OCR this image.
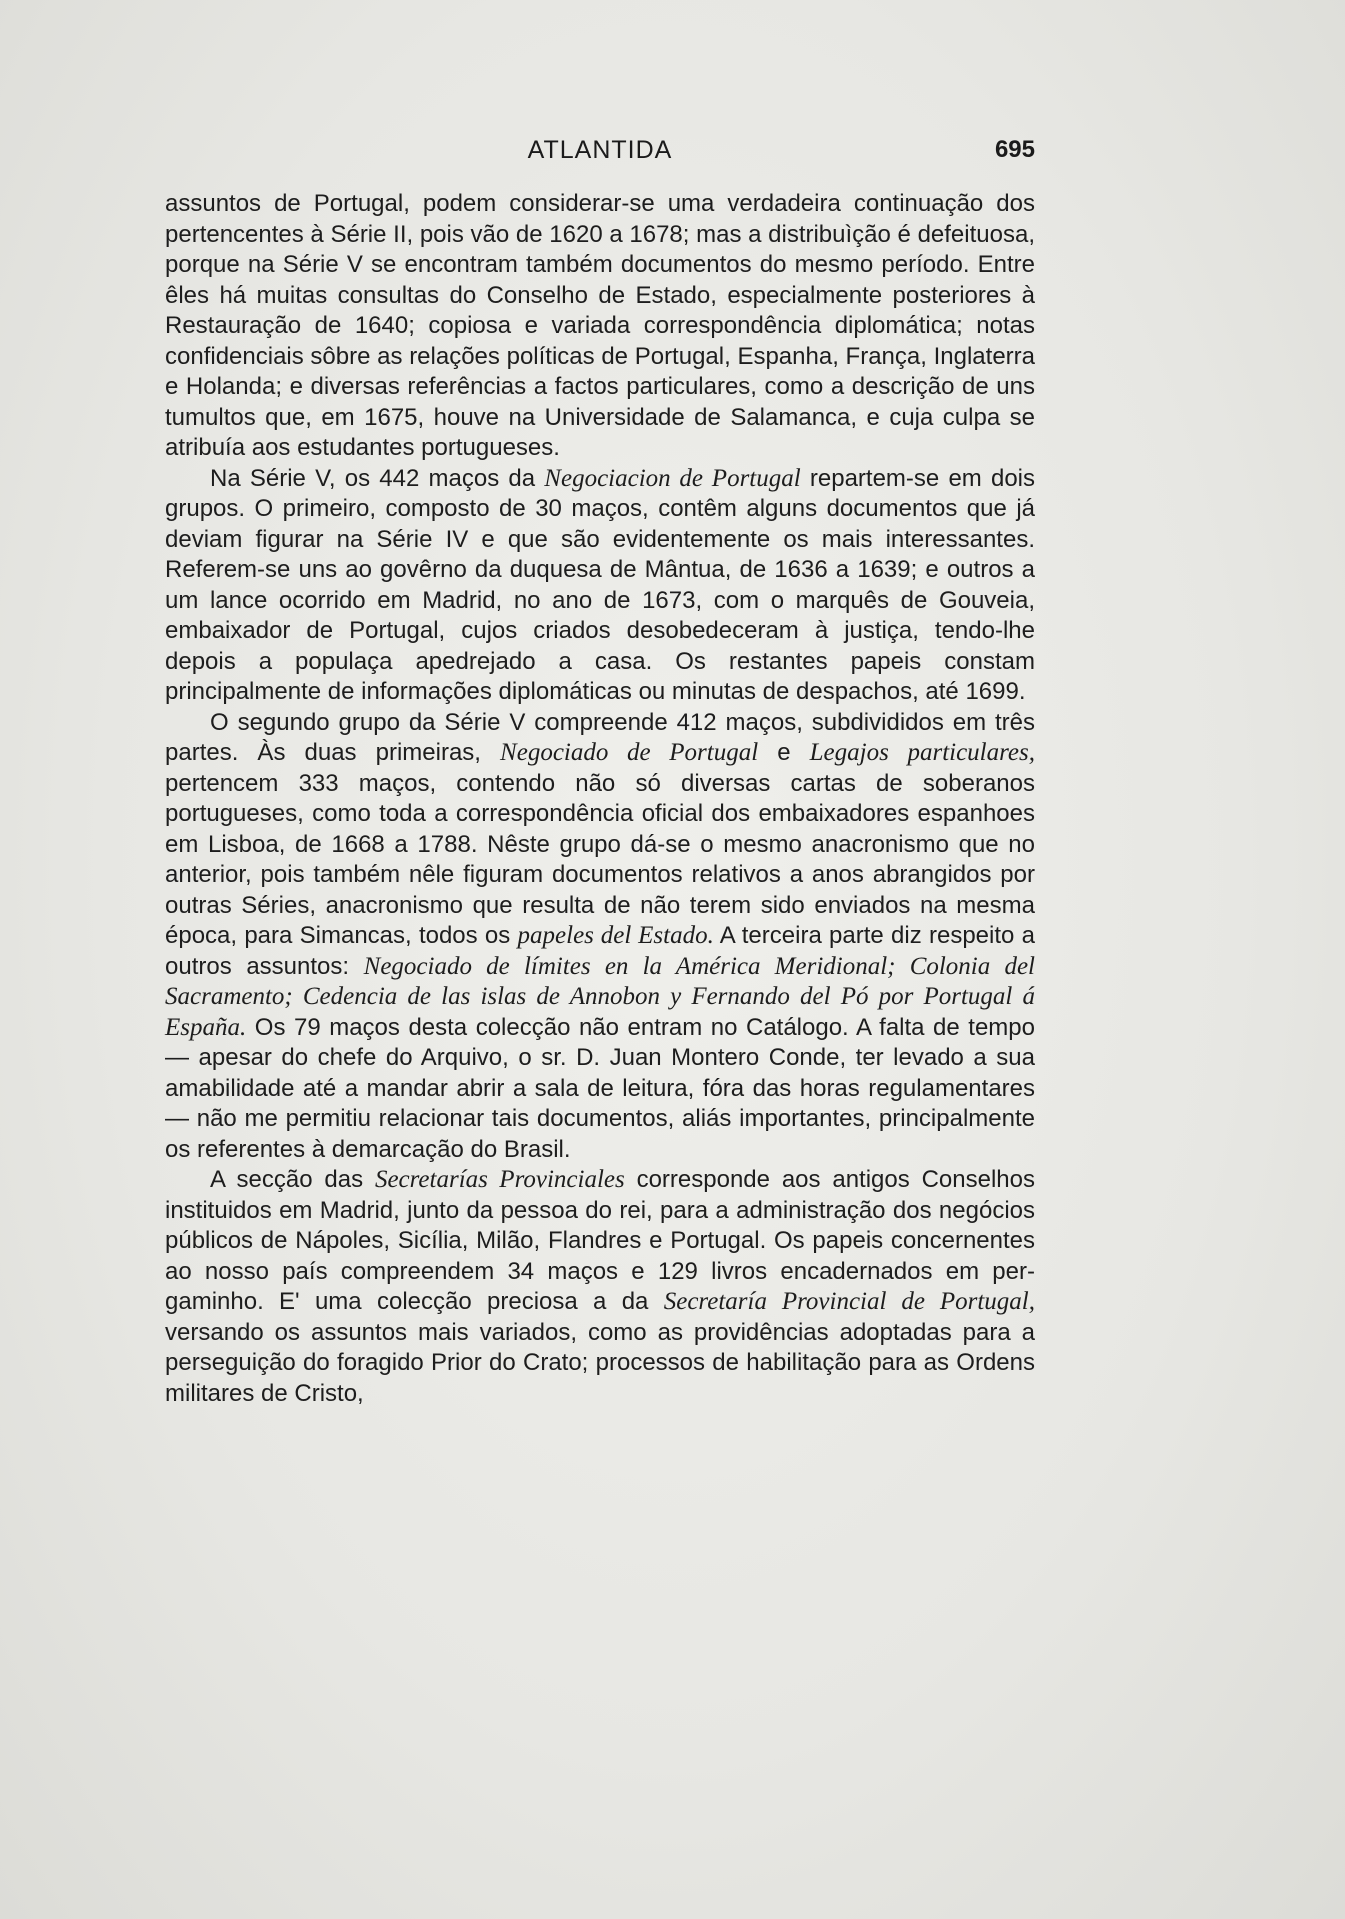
ATLANTIDA	695

assuntos de Portugal, podem considerar-se uma verdadeira continuação dos pertencentes à Série II, pois vão de 1620 a 1678; mas a distribuìção é defeituosa, porque na Série V se encontram também documentos do mesmo período. Entre êles há muitas consultas do Conselho de Estado, especialmente posteriores à Restauração de 1640; copiosa e variada correspondência diplomática; notas confidenciais sôbre as relações políticas de Portugal, Espanha, França, Inglaterra e Holanda; e diversas referências a factos particulares, como a descrição de uns tumultos que, em 1675, houve na Universidade de Salamanca, e cuja culpa se atribuía aos estudantes portugueses.

Na Série V, os 442 maços da Negociacion de Portugal repartem-se em dois grupos. O primeiro, composto de 30 maços, contêm alguns documentos que já deviam figurar na Série IV e que são evidentemente os mais interessantes. Referem-se uns ao govêrno da duquesa de Mântua, de 1636 a 1639; e outros a um lance ocorrido em Madrid, no ano de 1673, com o marquês de Gouveia, embaixador de Portugal, cujos criados desobedeceram à justiça, tendo-lhe depois a populaça apedrejado a casa. Os restantes papeis constam principalmente de informações diplomáticas ou minutas de despachos, até 1699.

O segundo grupo da Série V compreende 412 maços, subdivididos em três partes. Às duas primeiras, Negociado de Portugal e Legajos particulares, pertencem 333 maços, contendo não só diversas cartas de soberanos portugueses, como toda a correspondência oficial dos embaixadores espanhoes em Lisboa, de 1668 a 1788. Nêste grupo dá-se o mesmo anacronismo que no anterior, pois também nêle figuram documentos relativos a anos abrangidos por outras Séries, anacronismo que resulta de não terem sido enviados na mesma época, para Simancas, todos os papeles del Estado. A terceira parte diz respeito a outros assuntos: Negociado de límites en la América Meridional; Colonia del Sacramento; Cedencia de las islas de Annobon y Fernando del Pó por Portugal á España. Os 79 maços desta colecção não entram no Catálogo. A falta de tempo — apesar do chefe do Arquivo, o sr. D. Juan Montero Conde, ter levado a sua amabilidade até a mandar abrir a sala de leitura, fóra das horas regulamentares — não me permitiu relacionar tais documentos, aliás importantes, principalmente os referentes à demarcação do Brasil.

A secção das Secretarías Provinciales corresponde aos antigos Conselhos instituidos em Madrid, junto da pessoa do rei, para a administração dos negócios públicos de Nápoles, Sicília, Milão, Flandres e Portugal. Os papeis concernentes ao nosso país compreendem 34 maços e 129 livros encadernados em pergaminho. E' uma colecção preciosa a da Secretaría Provincial de Portugal, versando os assuntos mais variados, como as providências adoptadas para a perseguição do foragido Prior do Crato; processos de habilitação para as Ordens militares de Cristo,
